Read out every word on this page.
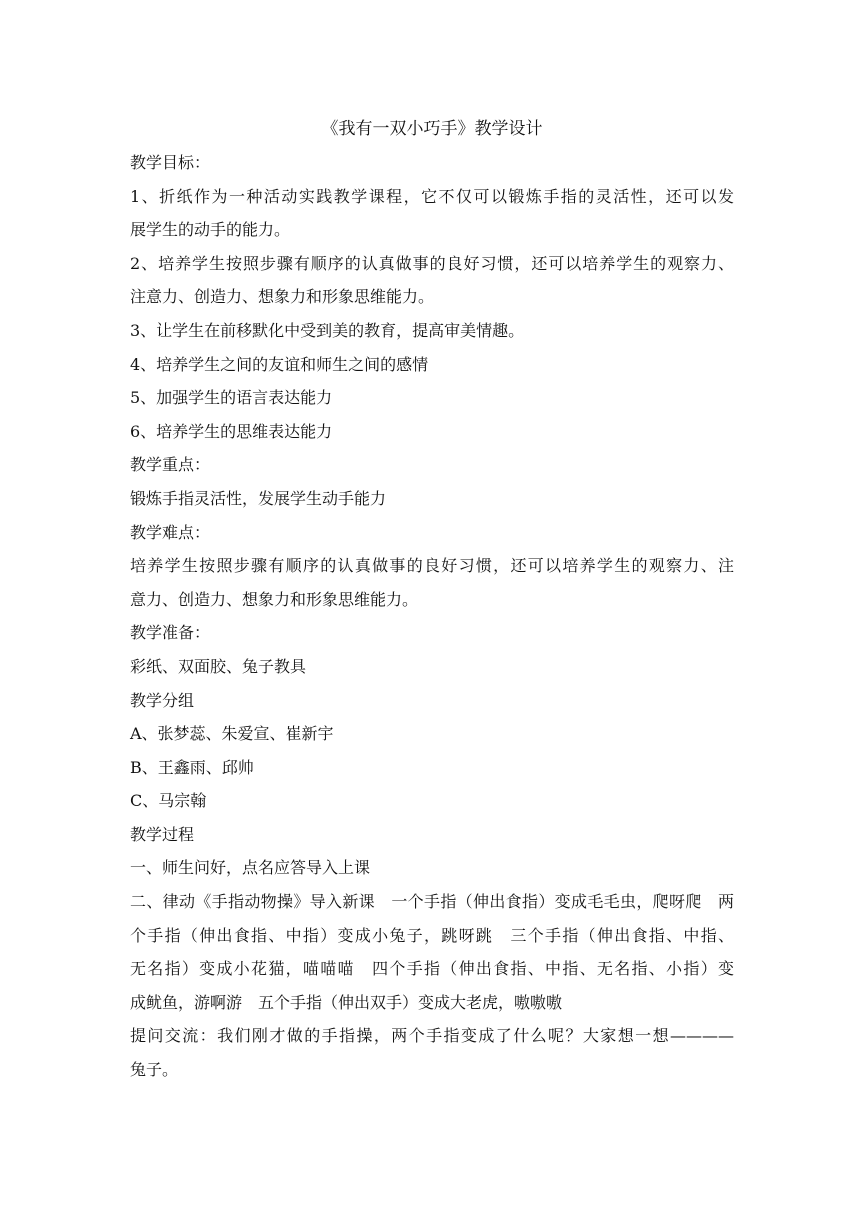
《我有一双小巧手》教学设计
教学目标：
1、折纸作为一种活动实践教学课程，它不仅可以锻炼手指的灵活性，还可以发
展学生的动手的能力。
2、培养学生按照步骤有顺序的认真做事的良好习惯，还可以培养学生的观察力、
注意力、创造力、想象力和形象思维能力。
3、让学生在前移默化中受到美的教育，提高审美情趣。
4、培养学生之间的友谊和师生之间的感情
5、加强学生的语言表达能力
6、培养学生的思维表达能力
教学重点：
锻炼手指灵活性，发展学生动手能力
教学难点：
培养学生按照步骤有顺序的认真做事的良好习惯，还可以培养学生的观察力、注
意力、创造力、想象力和形象思维能力。
教学准备：
彩纸、双面胶、兔子教具
教学分组
A、张梦蕊、朱爱宣、崔新宇
B、王鑫雨、邱帅
C、马宗翰
教学过程
一、师生问好，点名应答导入上课
二、律动《手指动物操》导入新课　一个手指（伸出食指）变成毛毛虫，爬呀爬　两
个手指（伸出食指、中指）变成小兔子，跳呀跳　三个手指（伸出食指、中指、
无名指）变成小花猫，喵喵喵　四个手指（伸出食指、中指、无名指、小指）变
成鱿鱼，游啊游　五个手指（伸出双手）变成大老虎，嗷嗷嗷
提问交流：我们刚才做的手指操，两个手指变成了什么呢？大家想一想————
兔子。
